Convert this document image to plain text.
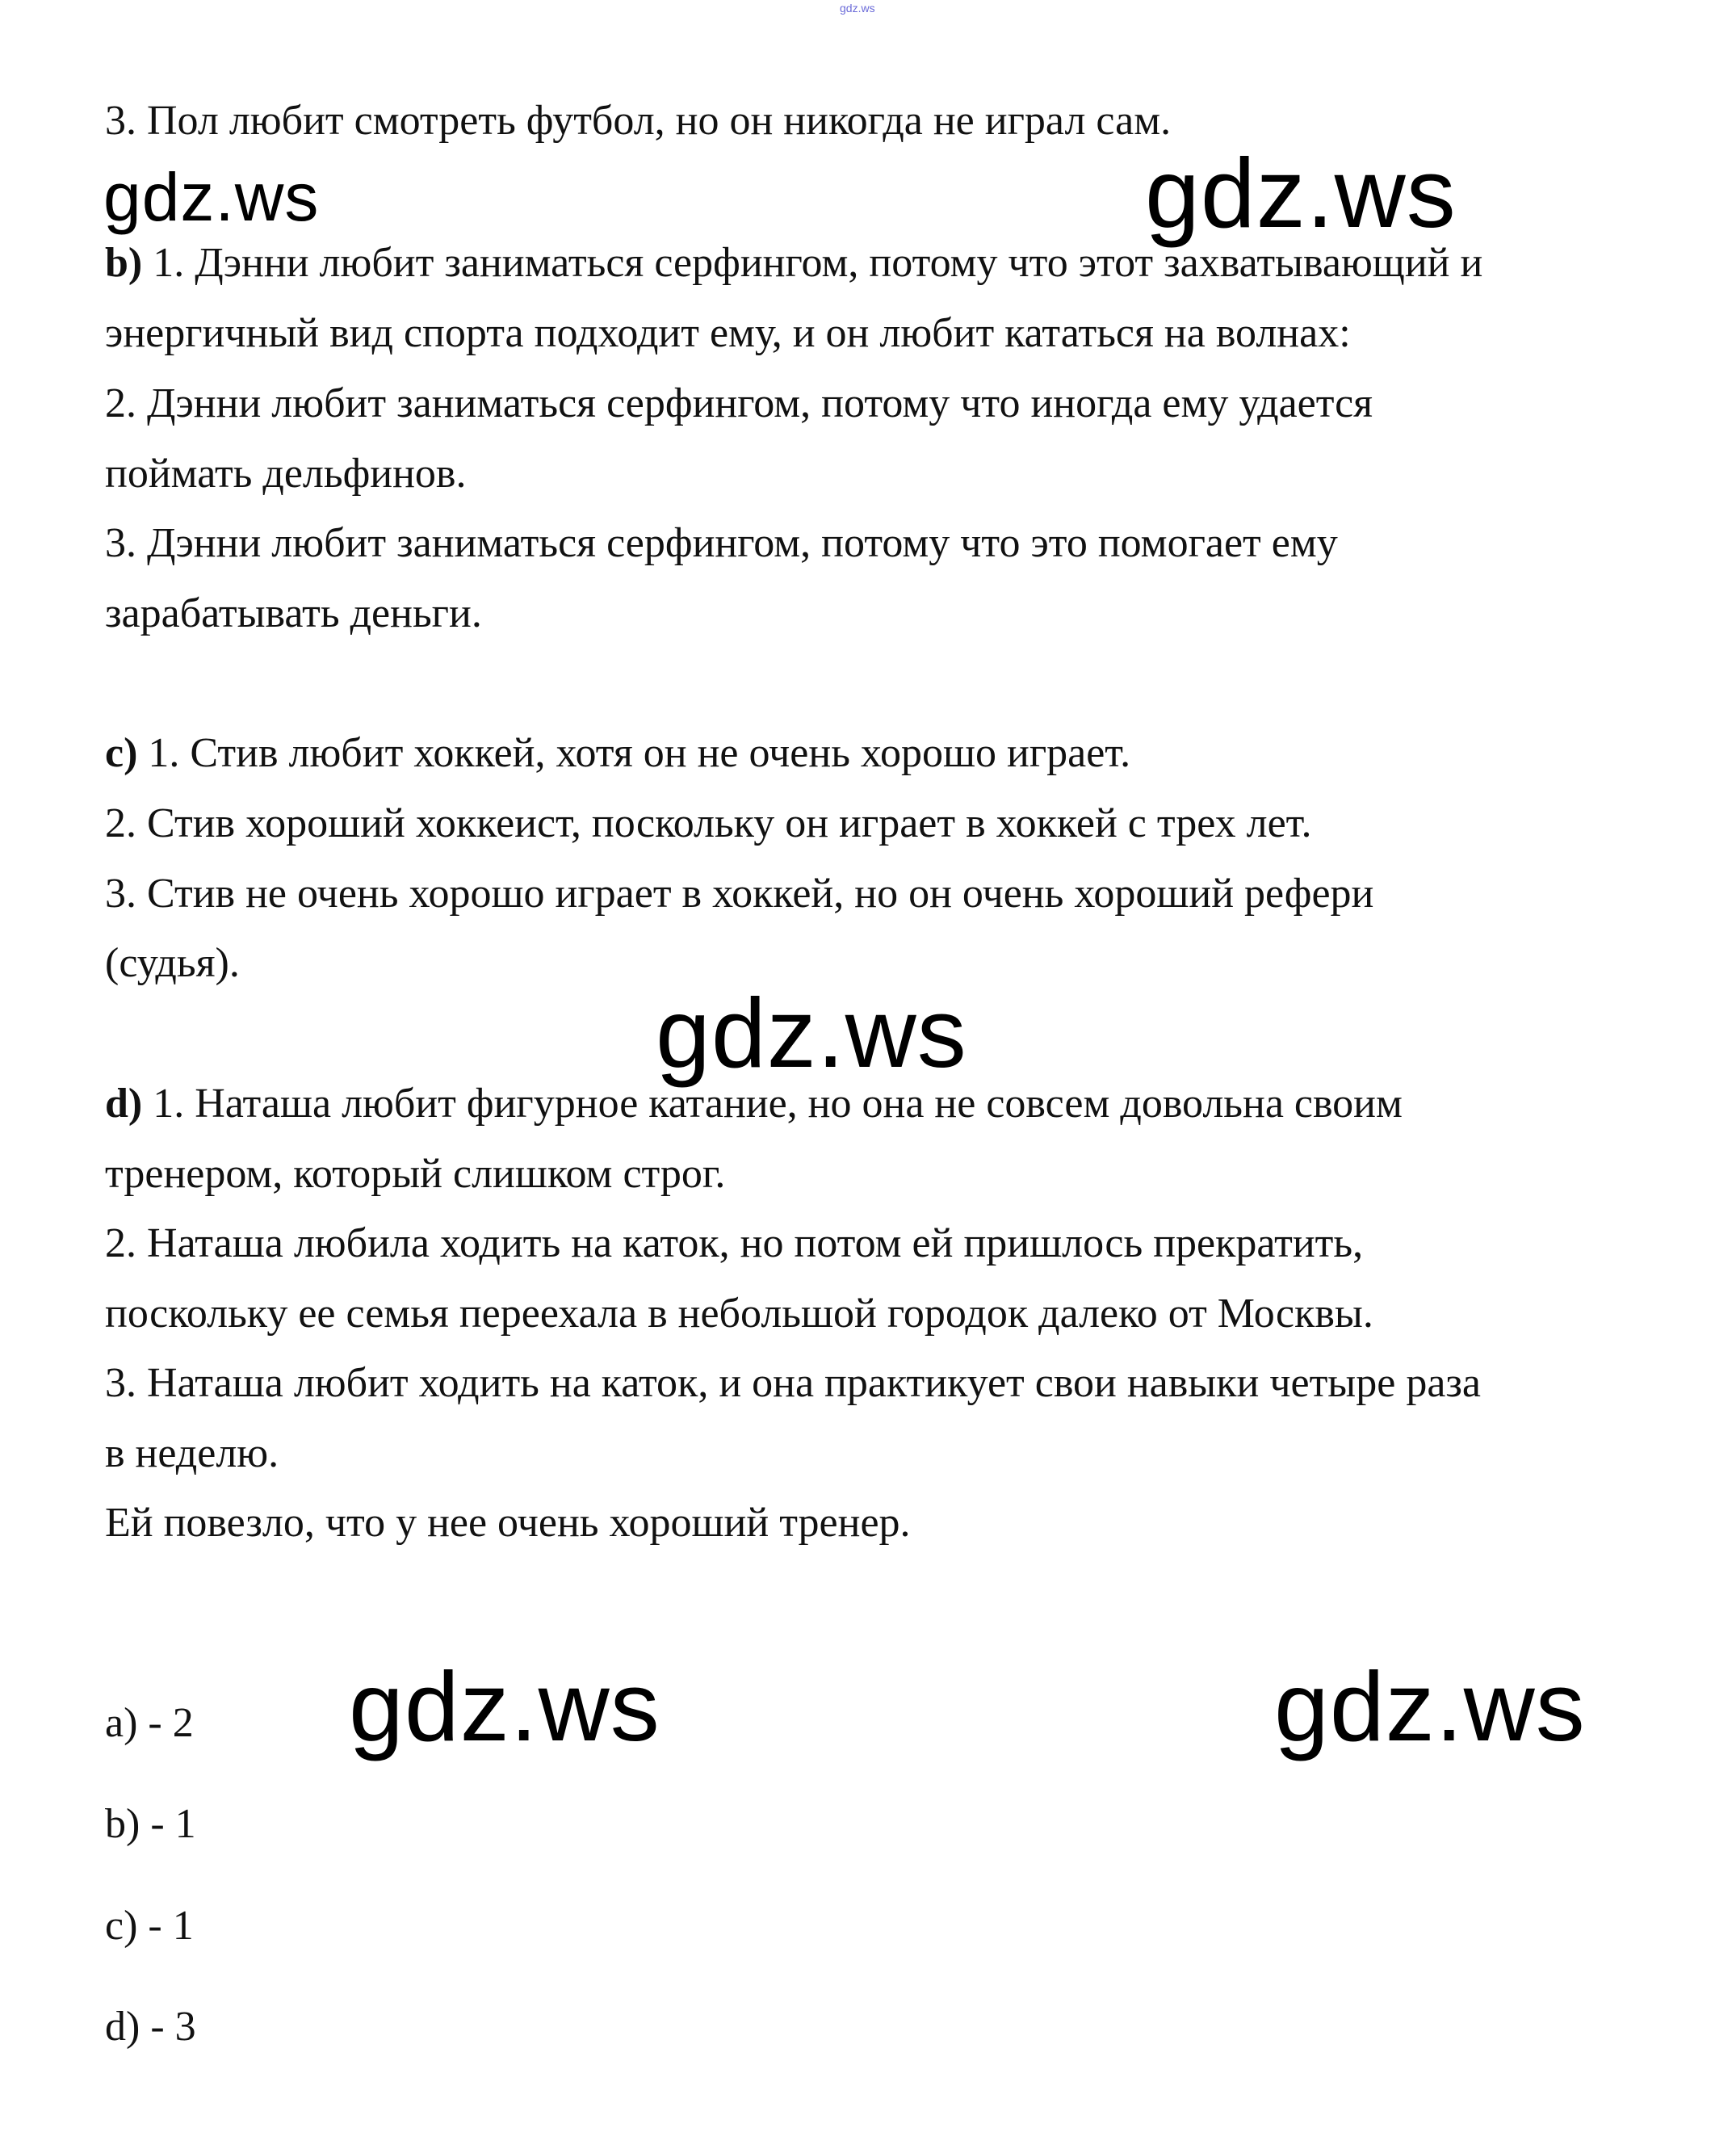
gdz.ws
3. Пол любит смотреть футбол, но он никогда не играл сам.
b) 1. Дэнни любит заниматься серфингом, потому что этот захватывающий и
энергичный вид спорта подходит ему, и он любит кататься на волнах:
2. Дэнни любит заниматься серфингом, потому что иногда ему удается
поймать дельфинов.
3. Дэнни любит заниматься серфингом, потому что это помогает ему
зарабатывать деньги.
c) 1. Стив любит хоккей, хотя он не очень хорошо играет.
2. Стив хороший хоккеист, поскольку он играет в хоккей с трех лет.
3. Стив не очень хорошо играет в хоккей, но он очень хороший рефери
(судья).
d) 1. Наташа любит фигурное катание, но она не совсем довольна своим
тренером, который слишком строг.
2. Наташа любила ходить на каток, но потом ей пришлось прекратить,
поскольку ее семья переехала в небольшой городок далеко от Москвы.
3. Наташа любит ходить на каток, и она практикует свои навыки четыре раза
в неделю.
Ей повезло, что у нее очень хороший тренер.
a) - 2
b) - 1
c) - 1
d) - 3
gdz.ws	gdz.ws
gdz.ws
gdz.ws	gdz.ws
